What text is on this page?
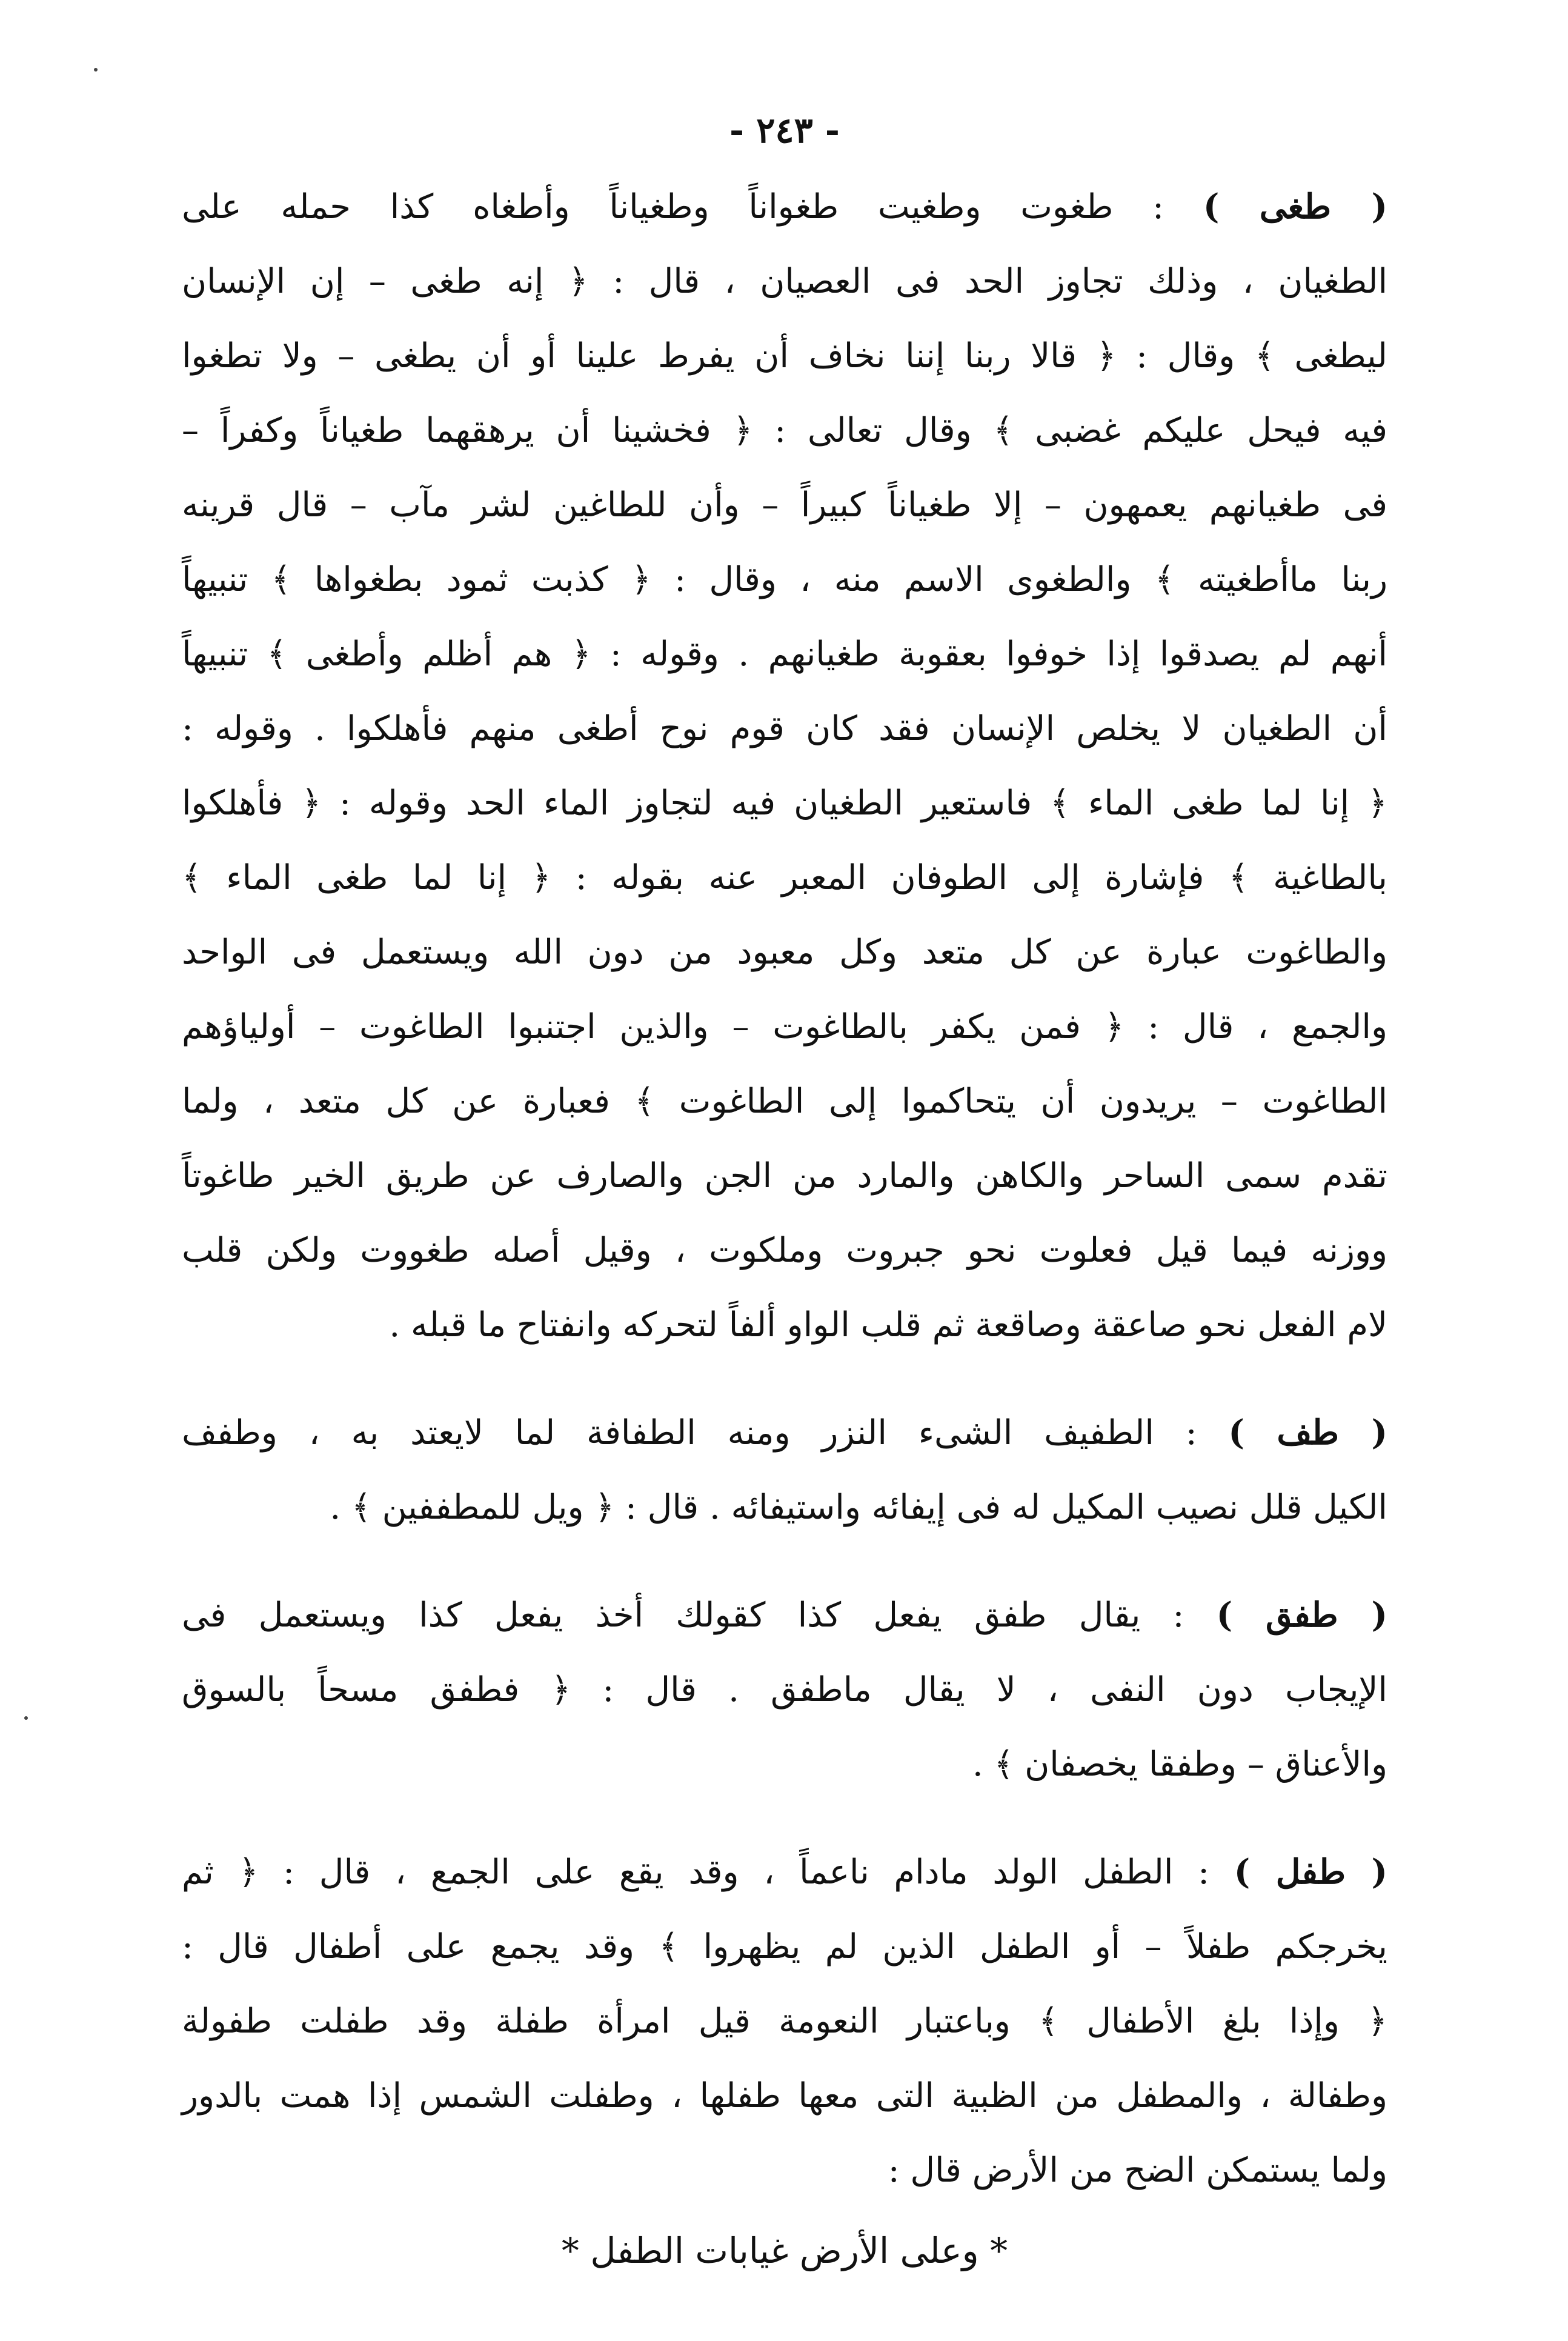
- ٢٤٣ -
( طغى ) : طغوت وطغيت طغواناً وطغياناً وأطغاه كذا حمله على
الطغيان ، وذلك تجاوز الحد فى العصيان ، قال : ﴿ إنه طغى – إن الإنسان
ليطغى ﴾ وقال : ﴿ قالا ربنا إننا نخاف أن يفرط علينا أو أن يطغى – ولا تطغوا
فيه فيحل عليكم غضبى ﴾ وقال تعالى : ﴿ فخشينا أن يرهقهما طغياناً وكفراً –
فى طغيانهم يعمهون – إلا طغياناً كبيراً – وأن للطاغين لشر مآب – قال قرينه
ربنا ماأطغيته ﴾ والطغوى الاسم منه ، وقال : ﴿ كذبت ثمود بطغواها ﴾ تنبيهاً
أنهم لم يصدقوا إذا خوفوا بعقوبة طغيانهم . وقوله : ﴿ هم أظلم وأطغى ﴾ تنبيهاً
أن الطغيان لا يخلص الإنسان فقد كان قوم نوح أطغى منهم فأهلكوا . وقوله :
﴿ إنا لما طغى الماء ﴾ فاستعير الطغيان فيه لتجاوز الماء الحد وقوله : ﴿ فأهلكوا
بالطاغية ﴾ فإشارة إلى الطوفان المعبر عنه بقوله : ﴿ إنا لما طغى الماء ﴾
والطاغوت عبارة عن كل متعد وكل معبود من دون الله ويستعمل فى الواحد
والجمع ، قال : ﴿ فمن يكفر بالطاغوت – والذين اجتنبوا الطاغوت – أولياؤهم
الطاغوت – يريدون أن يتحاكموا إلى الطاغوت ﴾ فعبارة عن كل متعد ، ولما
تقدم سمى الساحر والكاهن والمارد من الجن والصارف عن طريق الخير طاغوتاً
ووزنه فيما قيل فعلوت نحو جبروت وملكوت ، وقيل أصله طغووت ولكن قلب
لام الفعل نحو صاعقة وصاقعة ثم قلب الواو ألفاً لتحركه وانفتاح ما قبله .
( طف ) : الطفيف الشىء النزر ومنه الطفافة لما لايعتد به ، وطفف
الكيل قلل نصيب المكيل له فى إيفائه واستيفائه . قال : ﴿ ويل للمطففين ﴾ .
( طفق ) : يقال طفق يفعل كذا كقولك أخذ يفعل كذا ويستعمل فى
الإيجاب دون النفى ، لا يقال ماطفق . قال : ﴿ فطفق مسحاً بالسوق
والأعناق – وطفقا يخصفان ﴾ .
( طفل ) : الطفل الولد مادام ناعماً ، وقد يقع على الجمع ، قال : ﴿ ثم
يخرجكم طفلاً – أو الطفل الذين لم يظهروا ﴾ وقد يجمع على أطفال قال :
﴿ وإذا بلغ الأطفال ﴾ وباعتبار النعومة قيل امرأة طفلة وقد طفلت طفولة
وطفالة ، والمطفل من الظبية التى معها طفلها ، وطفلت الشمس إذا همت بالدور
ولما يستمكن الضح من الأرض قال :
* وعلى الأرض غيابات الطفل *
